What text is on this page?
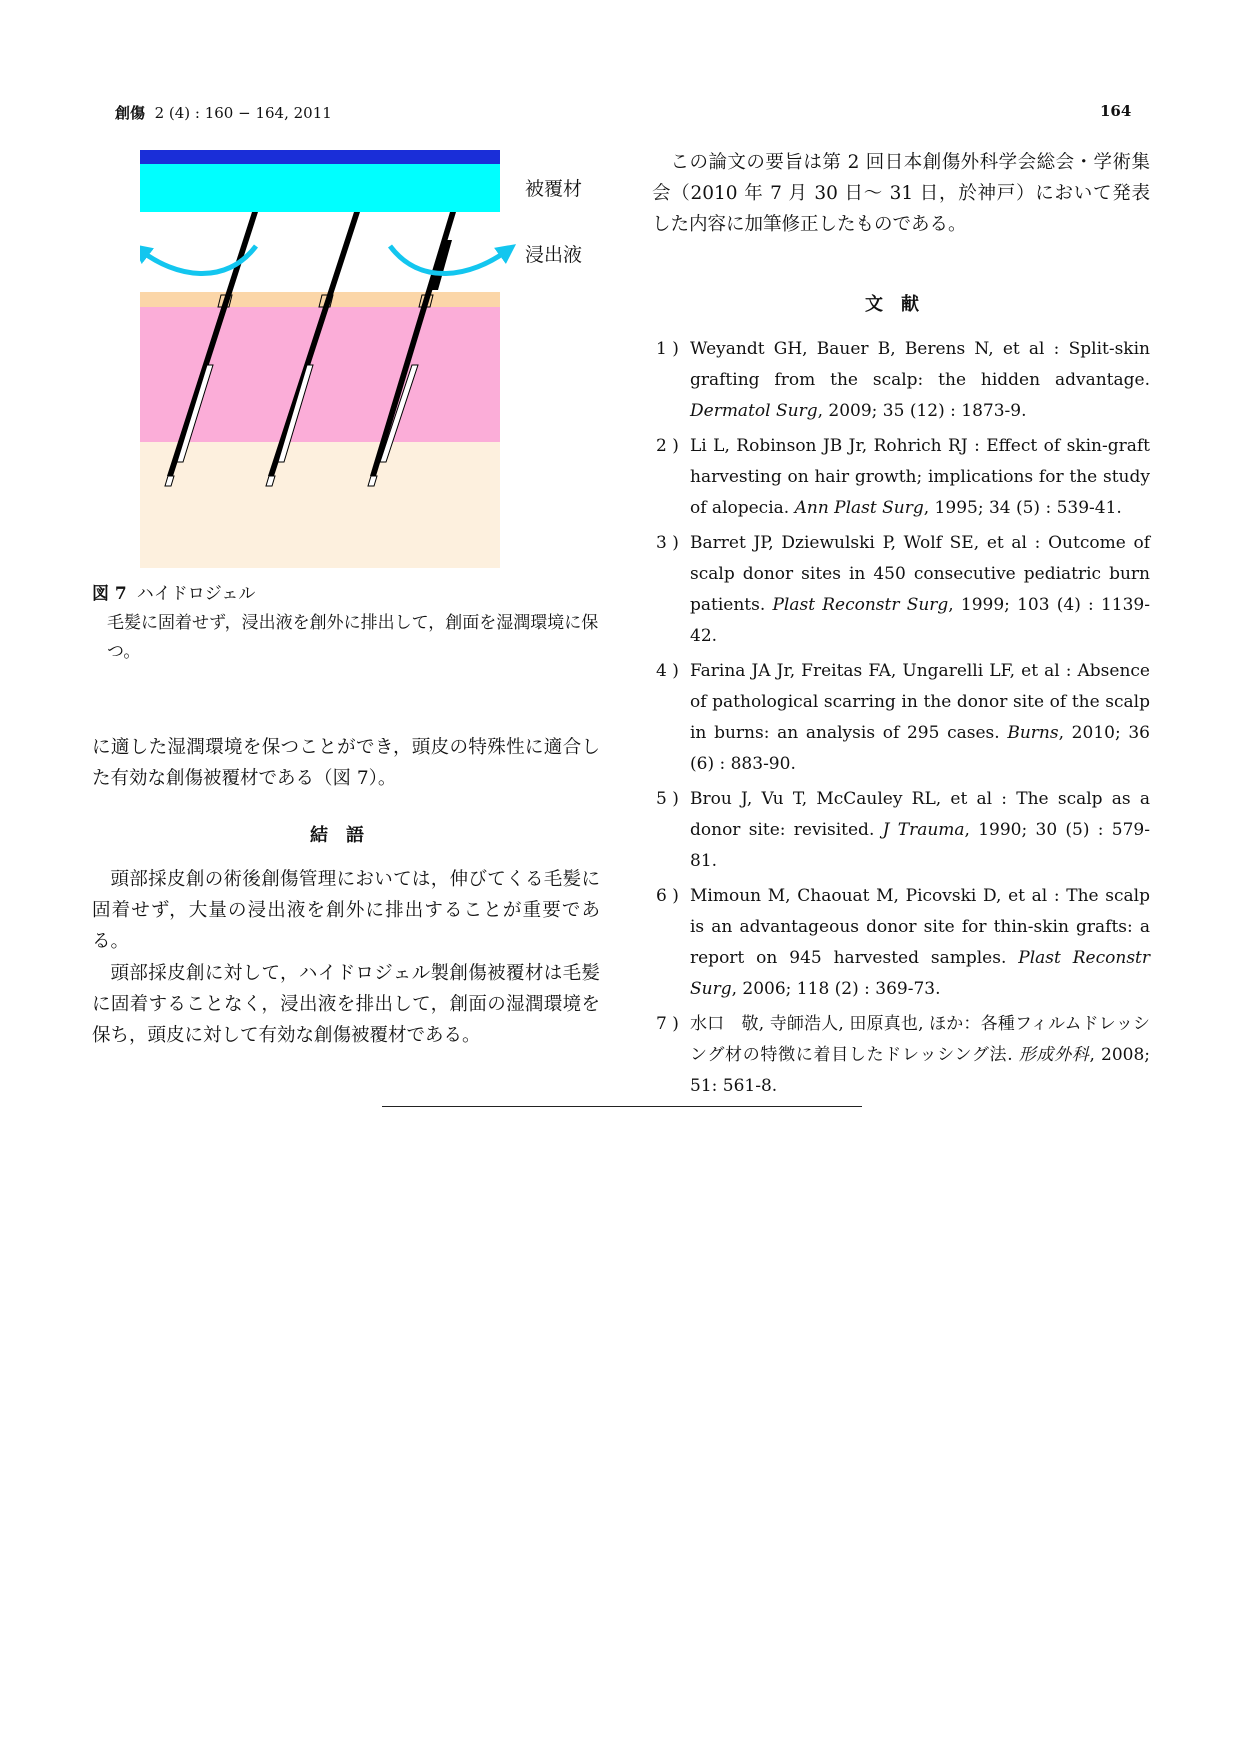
創傷 2 (4) : 160 − 164, 2011	164
被覆材
浸出液
図 7 ハイドロジェル
毛髪に固着せず，浸出液を創外に排出して，創面を湿潤環境に保つ。
に適した湿潤環境を保つことができ，頭皮の特殊性に適合した有効な創傷被覆材である（図 7）。
結語
頭部採皮創の術後創傷管理においては，伸びてくる毛髪に固着せず，大量の浸出液を創外に排出することが重要である。
頭部採皮創に対して，ハイドロジェル製創傷被覆材は毛髪に固着することなく，浸出液を排出して，創面の湿潤環境を保ち，頭皮に対して有効な創傷被覆材である。
この論文の要旨は第 2 回日本創傷外科学会総会・学術集会（2010 年 7 月 30 日〜 31 日，於神戸）において発表した内容に加筆修正したものである。
文献
1 ) Weyandt GH, Bauer B, Berens N, et al : Split-skin grafting from the scalp: the hidden advantage. Dermatol Surg, 2009; 35 (12) : 1873-9.
2 ) Li L, Robinson JB Jr, Rohrich RJ : Effect of skin-graft harvesting on hair growth; implications for the study of alopecia. Ann Plast Surg, 1995; 34 (5) : 539-41.
3 ) Barret JP, Dziewulski P, Wolf SE, et al : Outcome of scalp donor sites in 450 consecutive pediatric burn patients. Plast Reconstr Surg, 1999; 103 (4) : 1139-42.
4 ) Farina JA Jr, Freitas FA, Ungarelli LF, et al : Absence of pathological scarring in the donor site of the scalp in burns: an analysis of 295 cases. Burns, 2010; 36 (6) : 883-90.
5 ) Brou J, Vu T, McCauley RL, et al : The scalp as a donor site: revisited. J Trauma, 1990; 30 (5) : 579-81.
6 ) Mimoun M, Chaouat M, Picovski D, et al : The scalp is an advantageous donor site for thin-skin grafts: a report on 945 harvested samples. Plast Reconstr Surg, 2006; 118 (2) : 369-73.
7 ) 水口　敬, 寺師浩人, 田原真也, ほか：各種フィルムドレッシング材の特徴に着目したドレッシング法. 形成外科, 2008; 51: 561-8.
